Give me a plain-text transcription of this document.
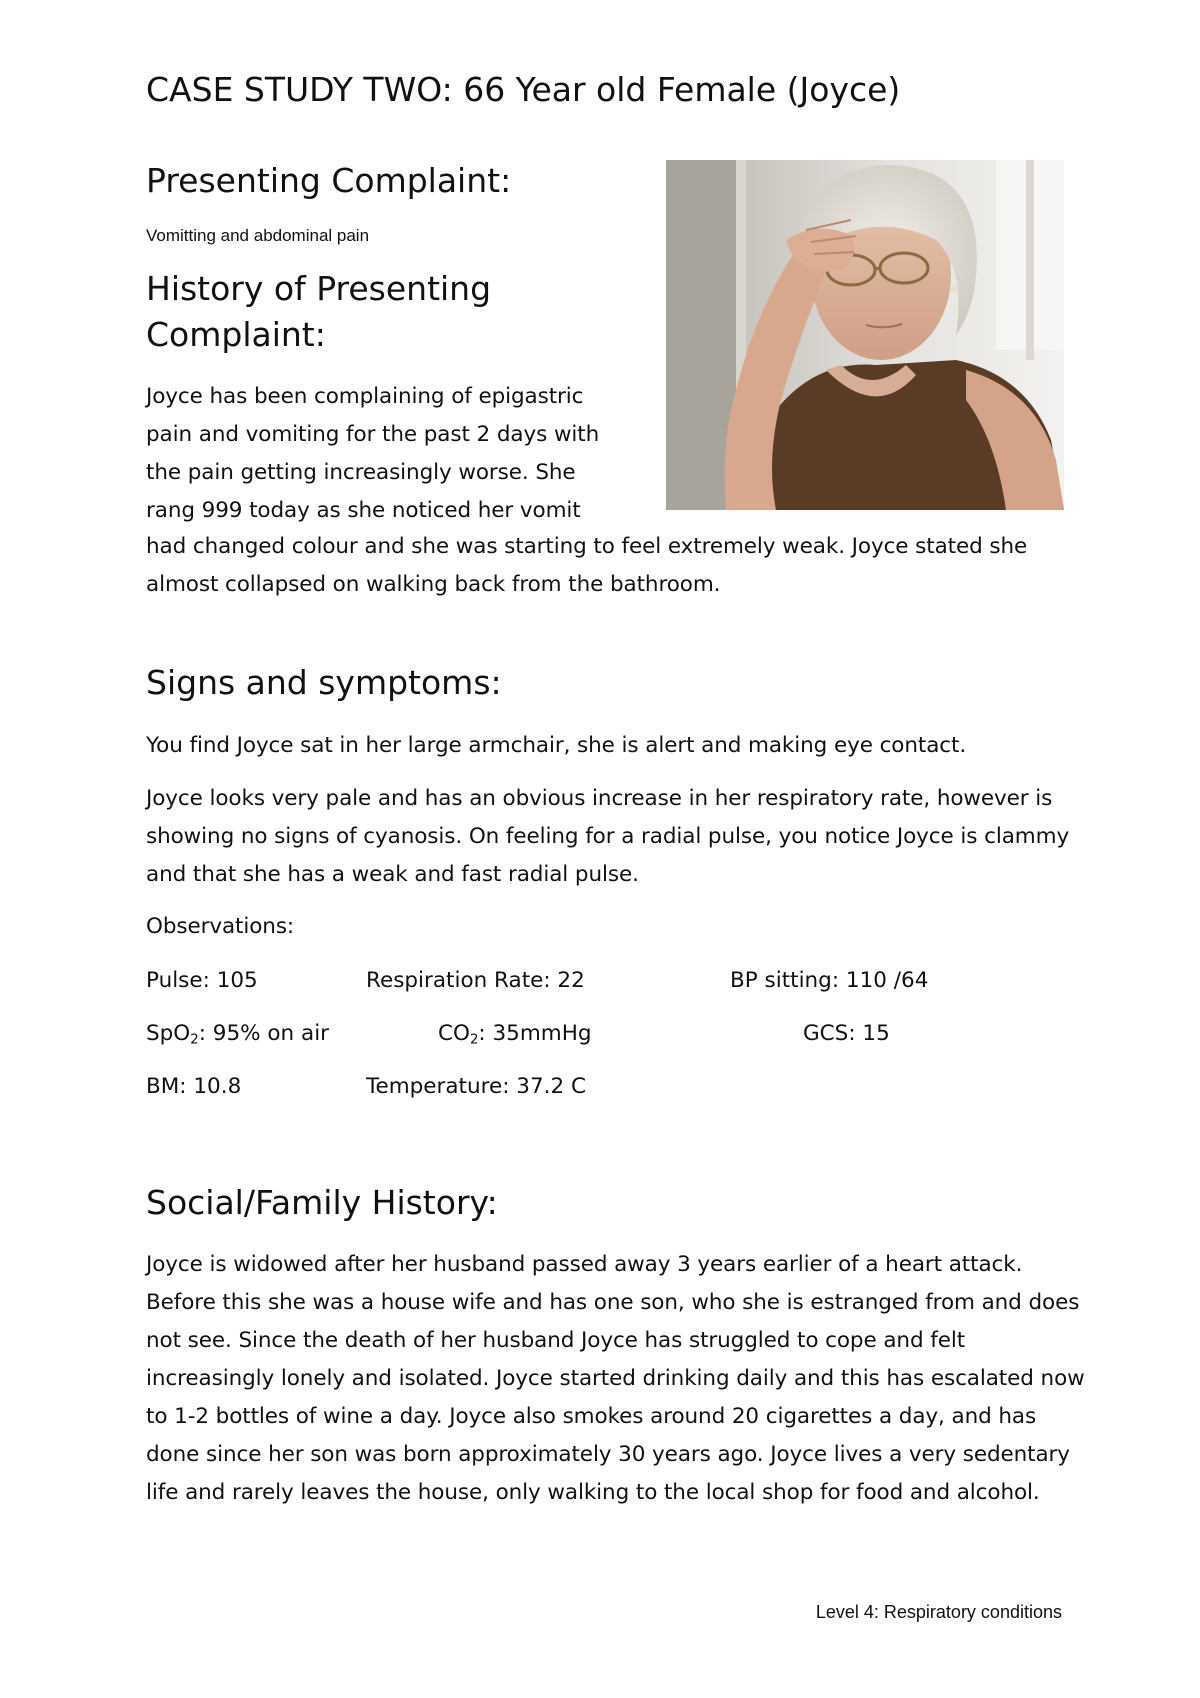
CASE STUDY TWO: 66 Year old Female (Joyce)
Presenting Complaint:

Vomitting and abdominal pain

History of Presenting
Complaint:

Joyce has been complaining of epigastric

pain and vomiting for the past 2 days with

the pain getting increasingly worse. She

rang 999 today as she noticed her vomit

had changed colour and she was starting to feel extremely weak. Joyce stated she almost collapsed on walking back from the bathroom.

Signs and symptoms:

You find Joyce sat in her large armchair, she is alert and making eye contact.

Joyce looks very pale and has an obvious increase in her respiratory rate, however is showing no signs of cyanosis. On feeling for a radial pulse, you notice Joyce is clammy and that she has a weak and fast radial pulse.

Observations:

Pulse: 105	Respiration Rate: 22	BP sitting: 110 /64

SpO$_2$: 95% on air	$CO_2$: 35mmHg	GCS: 15

BM: 10.8	Temperature: 37.2 C

Social/Family History:

Joyce is widowed after her husband passed away 3 years earlier of a heart attack. Before this she was a house wife and has one son, who she is estranged from and does not see. Since the death of her husband Joyce has struggled to cope and felt increasingly lonely and isolated. Joyce started drinking daily and this has escalated now to 1-2 bottles of wine a day. Joyce also smokes around 20 cigarettes a day, and has done since her son was born approximately 30 years ago. Joyce lives a very sedentary life and rarely leaves the house, only walking to the local shop for food and alcohol.

Level 4: Respiratory conditions
